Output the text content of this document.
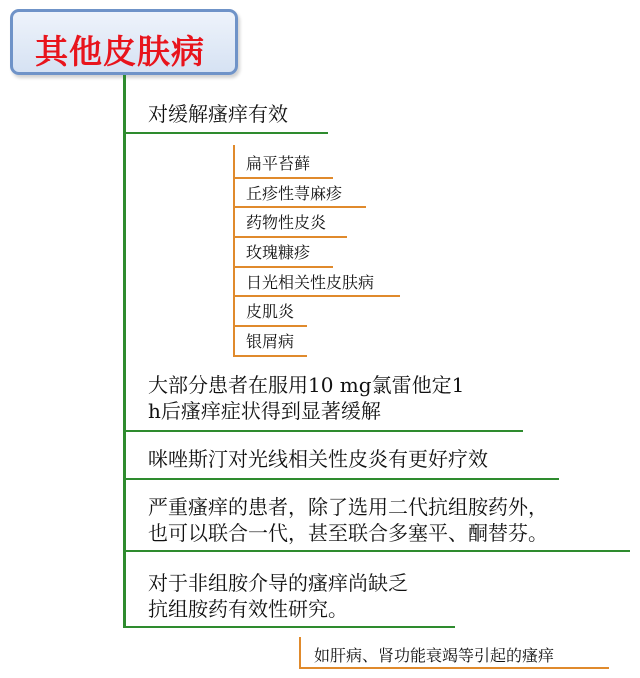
其他皮肤病
对缓解瘙痒有效
扁平苔藓
丘疹性荨麻疹
药物性皮炎
玫瑰糠疹
日光相关性皮肤病
皮肌炎
银屑病
大部分患者在服用10 mg氯雷他定1
h后瘙痒症状得到显著缓解
咪唑斯汀对光线相关性皮炎有更好疗效
严重瘙痒的患者，除了选用二代抗组胺药外，
也可以联合一代，甚至联合多塞平、酮替芬。
对于非组胺介导的瘙痒尚缺乏
抗组胺药有效性研究。
如肝病、肾功能衰竭等引起的瘙痒
